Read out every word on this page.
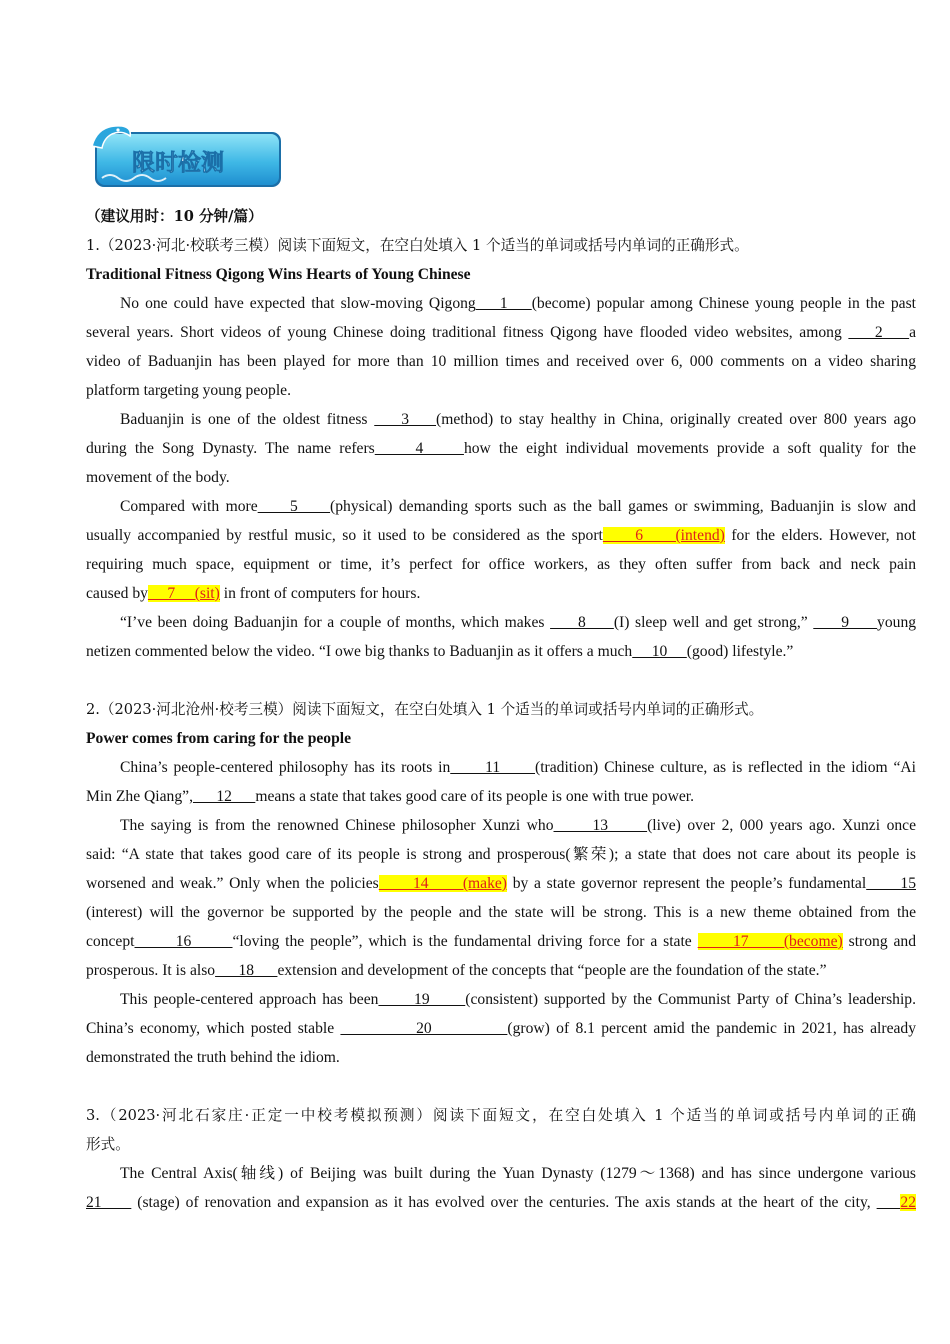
限时检测
（建议用时：10 分钟/篇）
1.（2023·河北·校联考三模）阅读下面短文，在空白处填入 1 个适当的单词或括号内单词的正确形式。
Traditional Fitness Qigong Wins Hearts of Young Chinese
No one could have expected that slow-moving Qigong    1    (become) popular among Chinese young people in the past
several years. Short videos of young Chinese doing traditional fitness Qigong have flooded video websites, among     2    a
video of Baduanjin has been played for more than 10 million times and received over 6, 000 comments on a video sharing
platform targeting young people.
Baduanjin is one of the oldest fitness     3    (method) to stay healthy in China, originally created over 800 years ago
during the Song Dynasty. The name refers     4     how the eight individual movements provide a soft quality for the
movement of the body.
Compared with more     5     (physical) demanding sports such as the ball games or swimming, Baduanjin is slow and
usually accompanied by restful music, so it used to be considered as the sport     6     (intend) for the elders. However, not
requiring much space, equipment or time, it’s perfect for office workers, as they often suffer from back and neck pain
caused by     7     (sit) in front of computers for hours.
“I’ve been doing Baduanjin for a couple of months, which makes      8     (I) sleep well and get strong,”      9     young
netizen commented below the video. “I owe big thanks to Baduanjin as it offers a much     10     (good) lifestyle.”
2.（2023·河北沧州·校考三模）阅读下面短文，在空白处填入 1 个适当的单词或括号内单词的正确形式。
Power comes from caring for the people
China’s people-centered philosophy has its roots in      11      (tradition) Chinese culture, as is reflected in the idiom “Ai
Min Zhe Qiang”,      12      means a state that takes good care of its people is one with true power.
The saying is from the renowned Chinese philosopher Xunzi who      13      (live) over 2, 000 years ago. Xunzi once
said: “A state that takes good care of its people is strong and prosperous(繁荣); a state that does not care about its people is
worsened and weak.” Only when the policies      14      (make) by a state governor represent the people’s fundamental      15
(interest) will the governor be supported by the people and the state will be strong. This is a new theme obtained from the
concept       16       “loving the people”, which is the fundamental driving force for a state       17      (become) strong and
prosperous. It is also      18      extension and development of the concepts that “people are the foundation of the state.”
This people-centered approach has been      19      (consistent) supported by the Communist Party of China’s leadership.
China’s economy, which posted stable             20            (grow) of 8.1 percent amid the pandemic in 2021, has already
demonstrated the truth behind the idiom.
3.（2023·河北石家庄·正定一中校考模拟预测）阅读下面短文，在空白处填入 1 个适当的单词或括号内单词的正确
形式。
The Central Axis(轴线) of Beijing was built during the Yuan Dynasty (1279～1368) and has since undergone various
21      (stage) of renovation and expansion as it has evolved over the centuries. The axis stands at the heart of the city, 22
